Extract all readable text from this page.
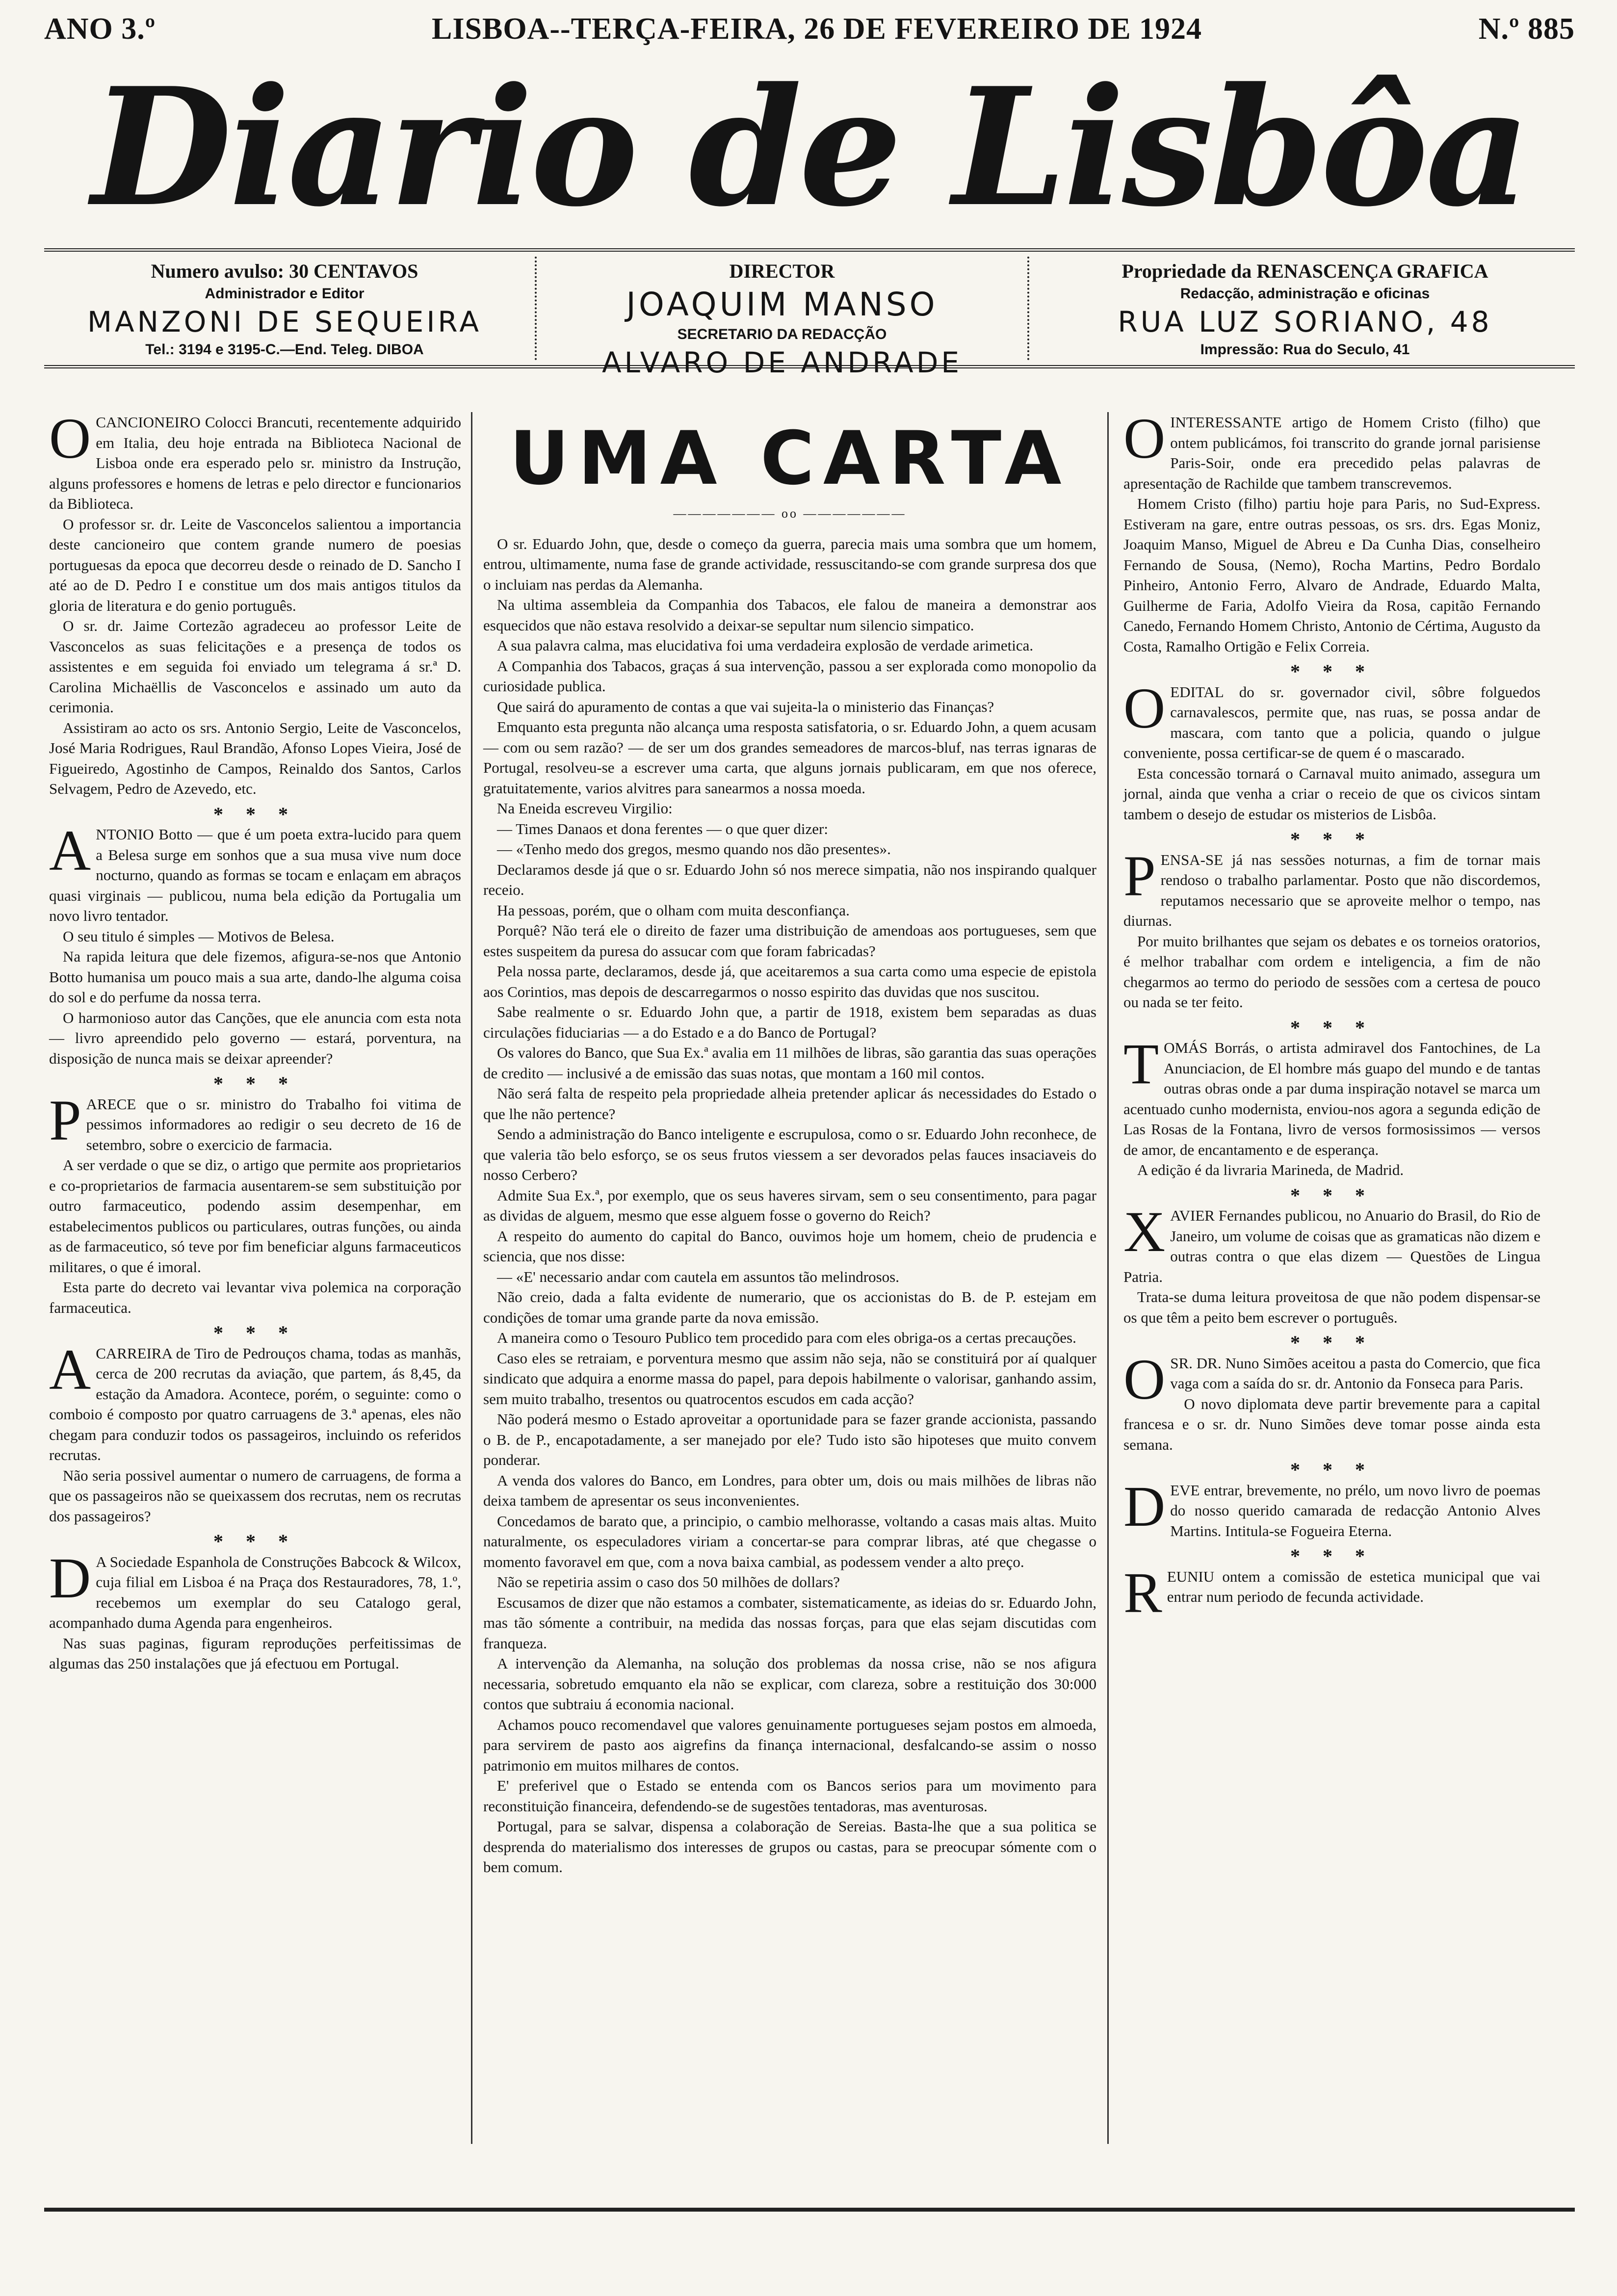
ANO 3.º	LISBOA--TERÇA-FEIRA, 26 DE FEVEREIRO DE 1924	N.º 885
Diario de Lisbôa
Numero avulso: 30 CENTAVOS
Administrador e Editor
MANZONI DE SEQUEIRA
Tel.: 3194 e 3195-C.—End. Teleg. DIBOA
DIRECTOR
JOAQUIM MANSO
SECRETARIO DA REDACÇÃO
ALVARO DE ANDRADE
Propriedade da RENASCENÇA GRAFICA
Redacção, administração e oficinas
RUA LUZ SORIANO, 48
Impressão: Rua do Seculo, 41

OCANCIONEIRO Colocci Brancuti, recentemente adquirido em Italia, deu hoje entrada na Biblioteca Nacional de Lisboa onde era esperado pelo sr. ministro da Instrução, alguns professores e homens de letras e pelo director e funcionarios da Biblioteca.

O professor sr. dr. Leite de Vasconcelos salientou a importancia deste cancioneiro que contem grande numero de poesias portuguesas da epoca que decorreu desde o reinado de D. Sancho I até ao de D. Pedro I e constitue um dos mais antigos titulos da gloria de literatura e do genio português.

O sr. dr. Jaime Cortezão agradeceu ao professor Leite de Vasconcelos as suas felicitações e a presença de todos os assistentes e em seguida foi enviado um telegrama á sr.ª D. Carolina Michaëllis de Vasconcelos e assinado um auto da cerimonia.

Assistiram ao acto os srs. Antonio Sergio, Leite de Vasconcelos, José Maria Rodrigues, Raul Brandão, Afonso Lopes Vieira, José de Figueiredo, Agostinho de Campos, Reinaldo dos Santos, Carlos Selvagem, Pedro de Azevedo, etc.

* * *

ANTONIO Botto — que é um poeta extra-lucido para quem a Belesa surge em sonhos que a sua musa vive num doce nocturno, quando as formas se tocam e enlaçam em abraços quasi virginais — publicou, numa bela edição da Portugalia um novo livro tentador.

O seu titulo é simples — Motivos de Belesa.

Na rapida leitura que dele fizemos, afigura-se-nos que Antonio Botto humanisa um pouco mais a sua arte, dando-lhe alguma coisa do sol e do perfume da nossa terra.

O harmonioso autor das Canções, que ele anuncia com esta nota — livro apreendido pelo governo — estará, porventura, na disposição de nunca mais se deixar apreender?

* * *

PARECE que o sr. ministro do Trabalho foi vitima de pessimos informadores ao redigir o seu decreto de 16 de setembro, sobre o exercicio de farmacia.

A ser verdade o que se diz, o artigo que permite aos proprietarios e co-proprietarios de farmacia ausentarem-se sem substituição por outro farmaceutico, podendo assim desempenhar, em estabelecimentos publicos ou particulares, outras funções, ou ainda as de farmaceutico, só teve por fim beneficiar alguns farmaceuticos militares, o que é imoral.

Esta parte do decreto vai levantar viva polemica na corporação farmaceutica.

* * *

ACARREIRA de Tiro de Pedrouços chama, todas as manhãs, cerca de 200 recrutas da aviação, que partem, ás 8,45, da estação da Amadora. Acontece, porém, o seguinte: como o comboio é composto por quatro carruagens de 3.ª apenas, eles não chegam para conduzir todos os passageiros, incluindo os referidos recrutas.

Não seria possivel aumentar o numero de carruagens, de forma a que os passageiros não se queixassem dos recrutas, nem os recrutas dos passageiros?

* * *

D A Sociedade Espanhola de Construções Babcock & Wilcox, cuja filial em Lisboa é na Praça dos Restauradores, 78, 1.º, recebemos um exemplar do seu Catalogo geral, acompanhado duma Agenda para engenheiros.

Nas suas paginas, figuram reproduções perfeitissimas de algumas das 250 instalações que já efectuou em Portugal.

UMA CARTA
——————— oo ———————

O sr. Eduardo John, que, desde o começo da guerra, parecia mais uma sombra que um homem, entrou, ultimamente, numa fase de grande actividade, ressuscitando-se com grande surpresa dos que o incluiam nas perdas da Alemanha.

Na ultima assembleia da Companhia dos Tabacos, ele falou de maneira a demonstrar aos esquecidos que não estava resolvido a deixar-se sepultar num silencio simpatico.

A sua palavra calma, mas elucidativa foi uma verdadeira explosão de verdade arimetica.

A Companhia dos Tabacos, graças á sua intervenção, passou a ser explorada como monopolio da curiosidade publica.

Que sairá do apuramento de contas a que vai sujeita-la o ministerio das Finanças?

Emquanto esta pregunta não alcança uma resposta satisfatoria, o sr. Eduardo John, a quem acusam — com ou sem razão? — de ser um dos grandes semeadores de marcos-bluf, nas terras ignaras de Portugal, resolveu-se a escrever uma carta, que alguns jornais publicaram, em que nos oferece, gratuitatemente, varios alvitres para sanearmos a nossa moeda.

Na Eneida escreveu Virgilio:

— Times Danaos et dona ferentes — o que quer dizer:

— «Tenho medo dos gregos, mesmo quando nos dão presentes».

Declaramos desde já que o sr. Eduardo John só nos merece simpatia, não nos inspirando qualquer receio.

Ha pessoas, porém, que o olham com muita desconfiança.

Porquê? Não terá ele o direito de fazer uma distribuição de amendoas aos portugueses, sem que estes suspeitem da puresa do assucar com que foram fabricadas?

Pela nossa parte, declaramos, desde já, que aceitaremos a sua carta como uma especie de epistola aos Corintios, mas depois de descarregarmos o nosso espirito das duvidas que nos suscitou.

Sabe realmente o sr. Eduardo John que, a partir de 1918, existem bem separadas as duas circulações fiduciarias — a do Estado e a do Banco de Portugal?

Os valores do Banco, que Sua Ex.ª avalia em 11 milhões de libras, são garantia das suas operações de credito — inclusivé a de emissão das suas notas, que montam a 160 mil contos.

Não será falta de respeito pela propriedade alheia pretender aplicar ás necessidades do Estado o que lhe não pertence?

Sendo a administração do Banco inteligente e escrupulosa, como o sr. Eduardo John reconhece, de que valeria tão belo esforço, se os seus frutos viessem a ser devorados pelas fauces insaciaveis do nosso Cerbero?

Admite Sua Ex.ª, por exemplo, que os seus haveres sirvam, sem o seu consentimento, para pagar as dividas de alguem, mesmo que esse alguem fosse o governo do Reich?

A respeito do aumento do capital do Banco, ouvimos hoje um homem, cheio de prudencia e sciencia, que nos disse:

— «E' necessario andar com cautela em assuntos tão melindrosos.

Não creio, dada a falta evidente de numerario, que os accionistas do B. de P. estejam em condições de tomar uma grande parte da nova emissão.

A maneira como o Tesouro Publico tem procedido para com eles obriga-os a certas precauções.

Caso eles se retraiam, e porventura mesmo que assim não seja, não se constituirá por aí qualquer sindicato que adquira a enorme massa do papel, para depois habilmente o valorisar, ganhando assim, sem muito trabalho, tresentos ou quatrocentos escudos em cada acção?

Não poderá mesmo o Estado aproveitar a oportunidade para se fazer grande accionista, passando o B. de P., encapotadamente, a ser manejado por ele? Tudo isto são hipoteses que muito convem ponderar.

A venda dos valores do Banco, em Londres, para obter um, dois ou mais milhões de libras não deixa tambem de apresentar os seus inconvenientes.

Concedamos de barato que, a principio, o cambio melhorasse, voltando a casas mais altas. Muito naturalmente, os especuladores viriam a concertar-se para comprar libras, até que chegasse o momento favoravel em que, com a nova baixa cambial, as podessem vender a alto preço.

Não se repetiria assim o caso dos 50 milhões de dollars?

Escusamos de dizer que não estamos a combater, sistematicamente, as ideias do sr. Eduardo John, mas tão sómente a contribuir, na medida das nossas forças, para que elas sejam discutidas com franqueza.

A intervenção da Alemanha, na solução dos problemas da nossa crise, não se nos afigura necessaria, sobretudo emquanto ela não se explicar, com clareza, sobre a restituição dos 30:000 contos que subtraiu á economia nacional.

Achamos pouco recomendavel que valores genuinamente portugueses sejam postos em almoeda, para servirem de pasto aos aigrefins da finança internacional, desfalcando-se assim o nosso patrimonio em muitos milhares de contos.

E' preferivel que o Estado se entenda com os Bancos serios para um movimento para reconstituição financeira, defendendo-se de sugestões tentadoras, mas aventurosas.

Portugal, para se salvar, dispensa a colaboração de Sereias. Basta-lhe que a sua politica se desprenda do materialismo dos interesses de grupos ou castas, para se preocupar sómente com o bem comum.

OINTERESSANTE artigo de Homem Cristo (filho) que ontem publicámos, foi transcrito do grande jornal parisiense Paris-Soir, onde era precedido pelas palavras de apresentação de Rachilde que tambem transcrevemos.

Homem Cristo (filho) partiu hoje para Paris, no Sud-Express. Estiveram na gare, entre outras pessoas, os srs. drs. Egas Moniz, Joaquim Manso, Miguel de Abreu e Da Cunha Dias, conselheiro Fernando de Sousa, (Nemo), Rocha Martins, Pedro Bordalo Pinheiro, Antonio Ferro, Alvaro de Andrade, Eduardo Malta, Guilherme de Faria, Adolfo Vieira da Rosa, capitão Fernando Canedo, Fernando Homem Christo, Antonio de Cértima, Augusto da Costa, Ramalho Ortigão e Felix Correia.

* * *

OEDITAL do sr. governador civil, sôbre folguedos carnavalescos, permite que, nas ruas, se possa andar de mascara, com tanto que a policia, quando o julgue conveniente, possa certificar-se de quem é o mascarado.

Esta concessão tornará o Carnaval muito animado, assegura um jornal, ainda que venha a criar o receio de que os civicos sintam tambem o desejo de estudar os misterios de Lisbôa.

* * *

PENSA-SE já nas sessões noturnas, a fim de tornar mais rendoso o trabalho parlamentar. Posto que não discordemos, reputamos necessario que se aproveite melhor o tempo, nas diurnas.

Por muito brilhantes que sejam os debates e os torneios oratorios, é melhor trabalhar com ordem e inteligencia, a fim de não chegarmos ao termo do periodo de sessões com a certesa de pouco ou nada se ter feito.

* * *

TOMÁS Borrás, o artista admiravel dos Fantochines, de La Anunciacion, de El hombre más guapo del mundo e de tantas outras obras onde a par duma inspiração notavel se marca um acentuado cunho modernista, enviou-nos agora a segunda edição de Las Rosas de la Fontana, livro de versos formosissimos — versos de amor, de encantamento e de esperança.

A edição é da livraria Marineda, de Madrid.

* * *

XAVIER Fernandes publicou, no Anuario do Brasil, do Rio de Janeiro, um volume de coisas que as gramaticas não dizem e outras contra o que elas dizem — Questões de Lingua Patria.

Trata-se duma leitura proveitosa de que não podem dispensar-se os que têm a peito bem escrever o português.

* * *

OSR. DR. Nuno Simões aceitou a pasta do Comercio, que fica vaga com a saída do sr. dr. Antonio da Fonseca para Paris.

O novo diplomata deve partir brevemente para a capital francesa e o sr. dr. Nuno Simões deve tomar posse ainda esta semana.

* * *

DEVE entrar, brevemente, no prélo, um novo livro de poemas do nosso querido camarada de redacção Antonio Alves Martins. Intitula-se Fogueira Eterna.

* * *

REUNIU ontem a comissão de estetica municipal que vai entrar num periodo de fecunda actividade.
